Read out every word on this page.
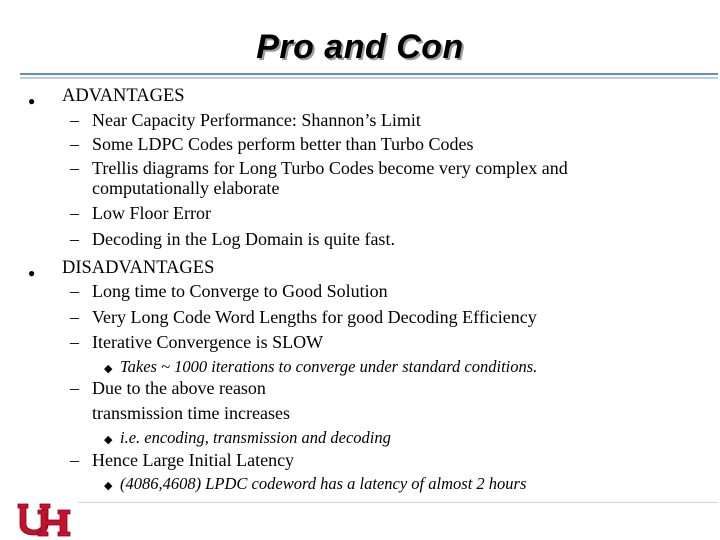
Pro and Con
● ADVANTAGES
– Near Capacity Performance: Shannon’s Limit
– Some LDPC Codes perform better than Turbo Codes
– Trellis diagrams for Long Turbo Codes become very complex and
computationally elaborate
– Low Floor Error
– Decoding in the Log Domain is quite fast.
● DISADVANTAGES
– Long time to Converge to Good Solution
– Very Long Code Word Lengths for good Decoding Efficiency
– Iterative Convergence is SLOW
◆ Takes ~ 1000 iterations to converge under standard conditions.
– Due to the above reason
transmission time increases
◆ i.e. encoding, transmission and decoding
– Hence Large Initial Latency
◆ (4086,4608) LPDC codeword has a latency of almost 2 hours
